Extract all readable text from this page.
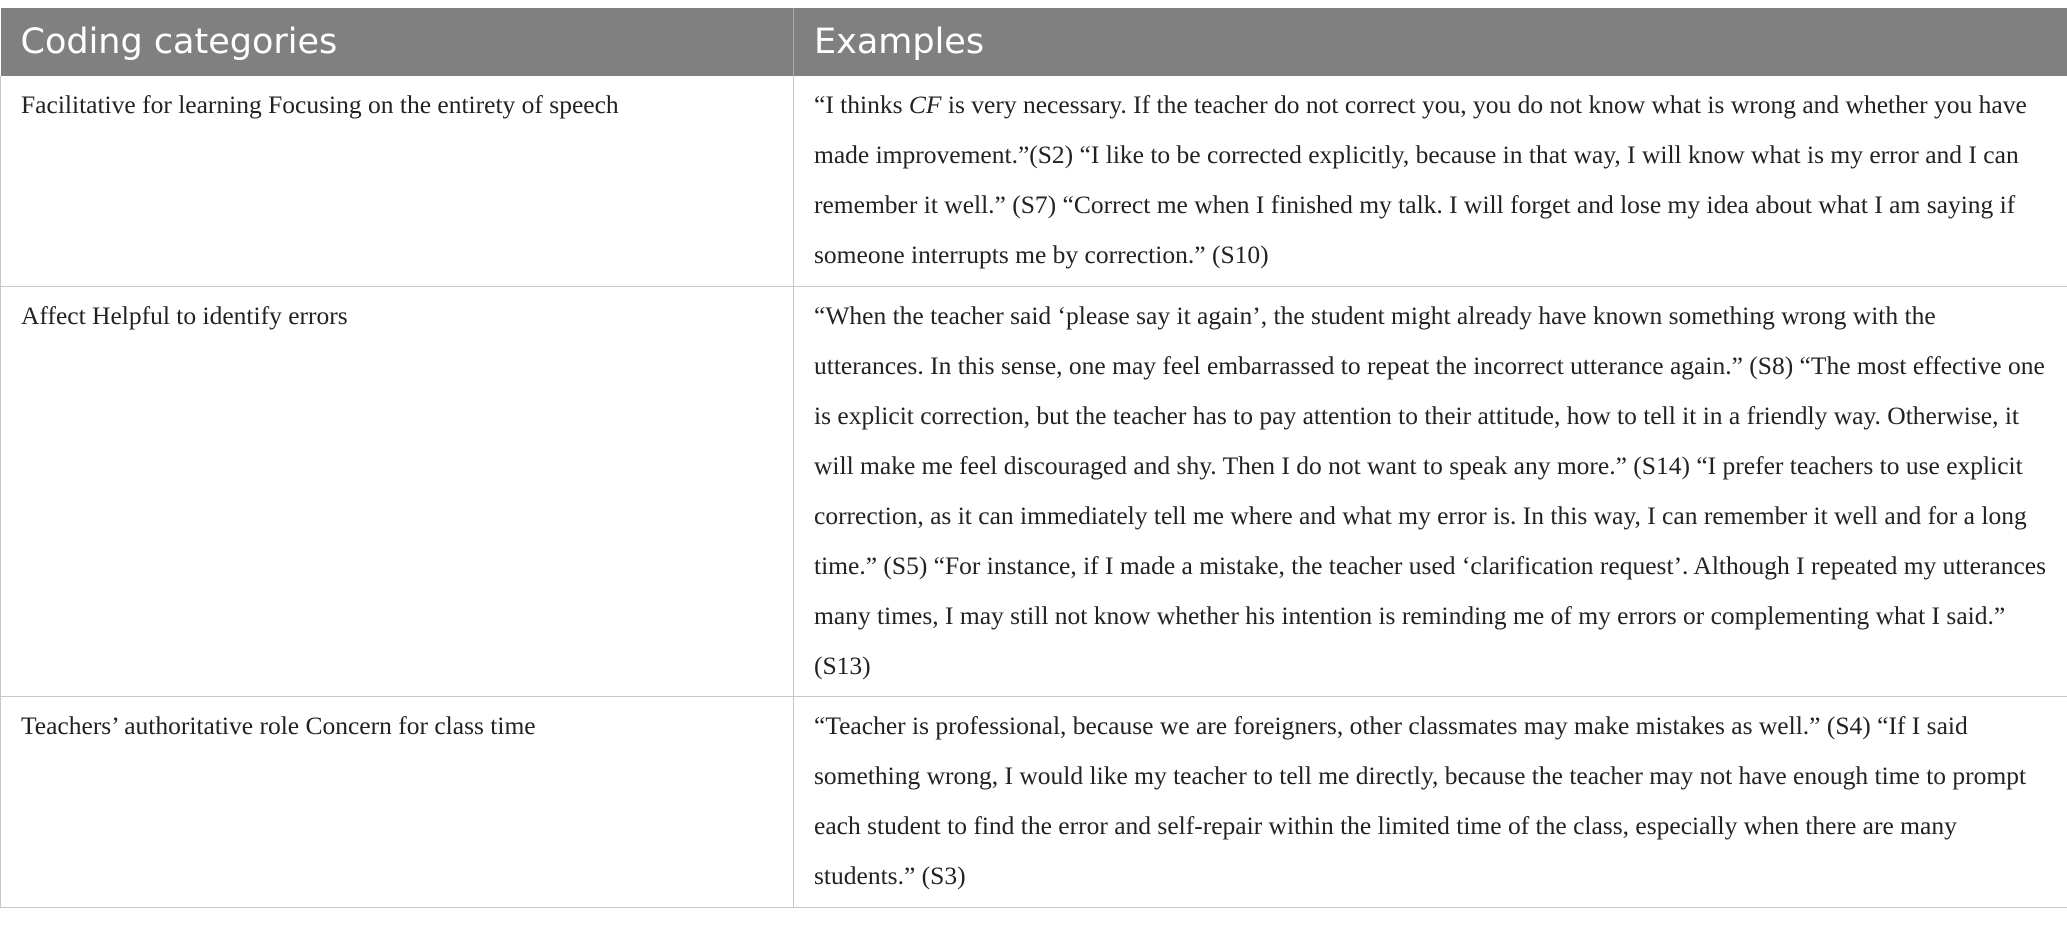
Coding categories	Examples
Facilitative for learning Focusing on the entirety of speech	“I thinks CF is very necessary. If the teacher do not correct you, you do not know what is wrong and whether you have made improvement.”(S2) “I like to be corrected explicitly, because in that way, I will know what is my error and I can remember it well.” (S7) “Correct me when I finished my talk. I will forget and lose my idea about what I am saying if someone interrupts me by correction.” (S10)
Affect Helpful to identify errors	“When the teacher said ‘please say it again’, the student might already have known something wrong with the utterances. In this sense, one may feel embarrassed to repeat the incorrect utterance again.” (S8) “The most effective one is explicit correction, but the teacher has to pay attention to their attitude, how to tell it in a friendly way. Otherwise, it will make me feel discouraged and shy. Then I do not want to speak any more.” (S14) “I prefer teachers to use explicit correction, as it can immediately tell me where and what my error is. In this way, I can remember it well and for a long time.” (S5) “For instance, if I made a mistake, the teacher used ‘clarification request’. Although I repeated my utterances many times, I may still not know whether his intention is reminding me of my errors or complementing what I said.” (S13)
Teachers’ authoritative role Concern for class time	“Teacher is professional, because we are foreigners, other classmates may make mistakes as well.” (S4) “If I said something wrong, I would like my teacher to tell me directly, because the teacher may not have enough time to prompt each student to find the error and self-repair within the limited time of the class, especially when there are many students.” (S3)
